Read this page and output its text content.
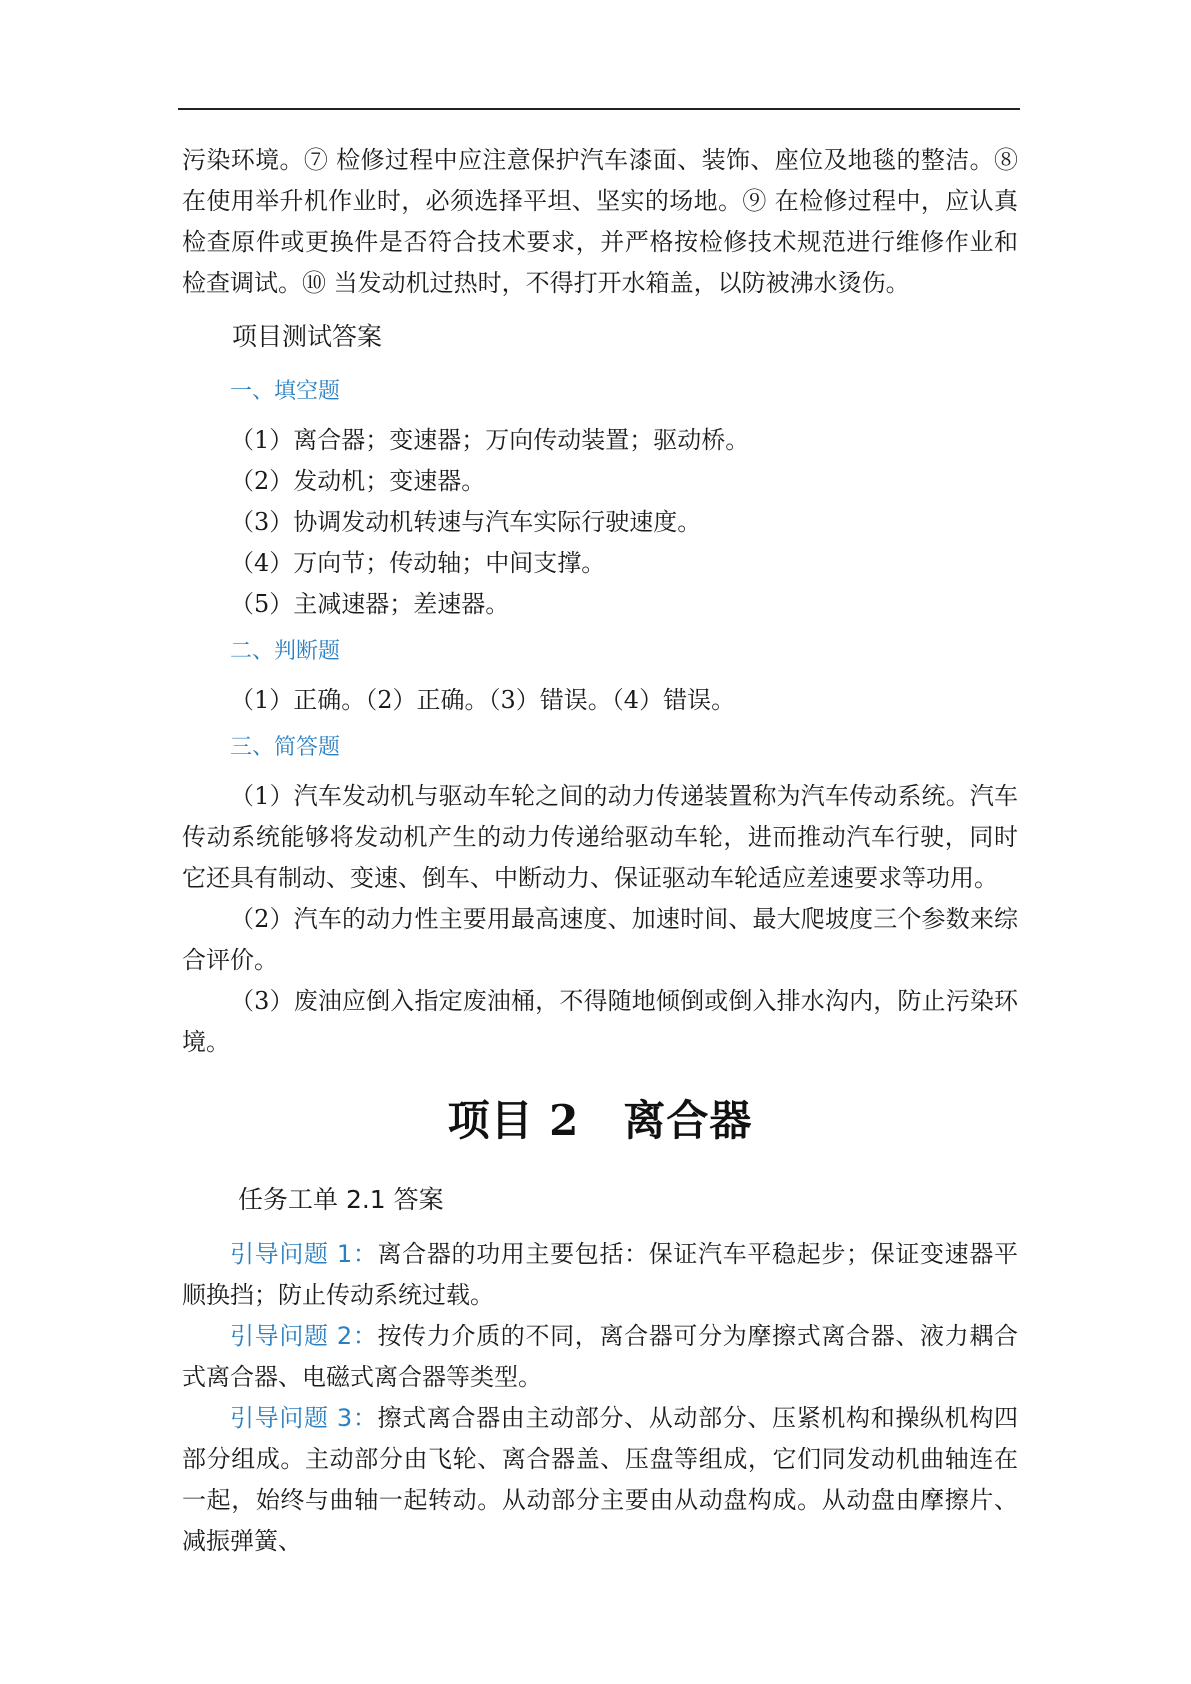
污染环境。⑦ 检修过程中应注意保护汽车漆面、装饰、座位及地毯的整洁。⑧ 在使用举升机作业时，必须选择平坦、坚实的场地。⑨ 在检修过程中，应认真检查原件或更换件是否符合技术要求，并严格按检修技术规范进行维修作业和检查调试。⑩ 当发动机过热时，不得打开水箱盖，以防被沸水烫伤。

项目测试答案
一、填空题

（1）离合器；变速器；万向传动装置；驱动桥。

（2）发动机；变速器。

（3）协调发动机转速与汽车实际行驶速度。

（4）万向节；传动轴；中间支撑。

（5）主减速器；差速器。

二、判断题

（1）正确。（2）正确。（3）错误。（4）错误。

三、简答题

（1）汽车发动机与驱动车轮之间的动力传递装置称为汽车传动系统。汽车传动系统能够将发动机产生的动力传递给驱动车轮，进而推动汽车行驶，同时它还具有制动、变速、倒车、中断动力、保证驱动车轮适应差速要求等功用。

（2）汽车的动力性主要用最高速度、加速时间、最大爬坡度三个参数来综合评价。

（3）废油应倒入指定废油桶，不得随地倾倒或倒入排水沟内，防止污染环境。

项目 2 离合器
任务工单 2.1 答案

引导问题 1：离合器的功用主要包括：保证汽车平稳起步；保证变速器平顺换挡；防止传动系统过载。

引导问题 2：按传力介质的不同，离合器可分为摩擦式离合器、液力耦合式离合器、电磁式离合器等类型。

引导问题 3：擦式离合器由主动部分、从动部分、压紧机构和操纵机构四部分组成。主动部分由飞轮、离合器盖、压盘等组成，它们同发动机曲轴连在一起，始终与曲轴一起转动。从动部分主要由从动盘构成。从动盘由摩擦片、减振弹簧、
